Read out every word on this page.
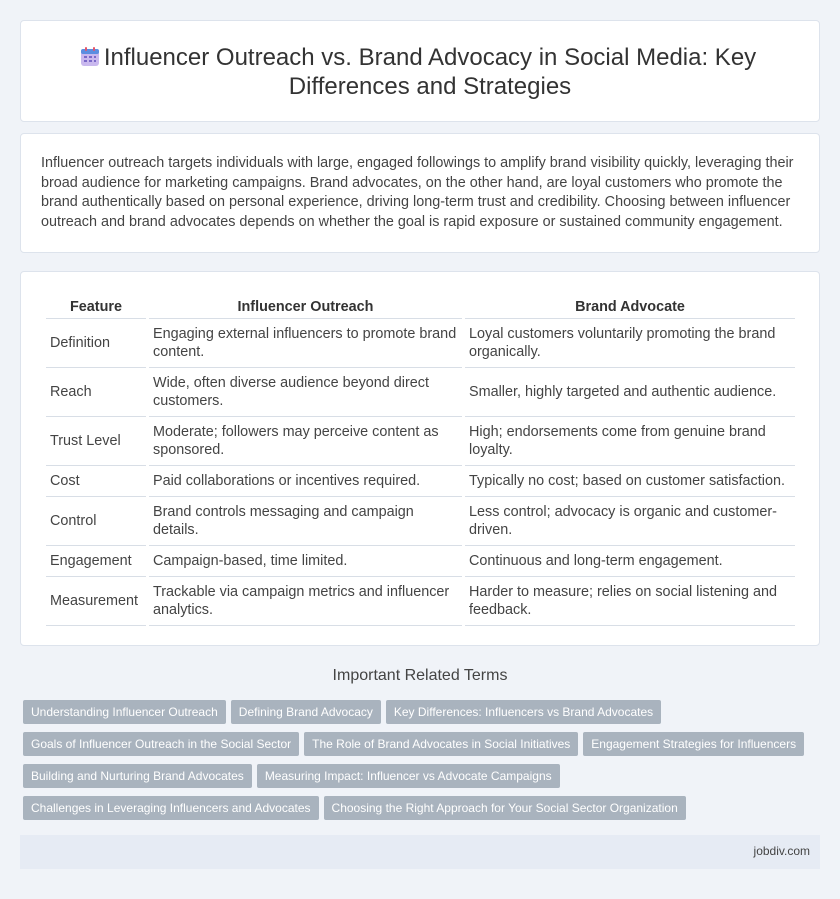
Influencer Outreach vs. Brand Advocacy in Social Media: Key Differences and Strategies

Influencer outreach targets individuals with large, engaged followings to amplify brand visibility quickly, leveraging their broad audience for marketing campaigns. Brand advocates, on the other hand, are loyal customers who promote the brand authentically based on personal experience, driving long-term trust and credibility. Choosing between influencer outreach and brand advocates depends on whether the goal is rapid exposure or sustained community engagement.

Feature	Influencer Outreach	Brand Advocate
Definition	Engaging external influencers to promote brand content.	Loyal customers voluntarily promoting the brand organically.
Reach	Wide, often diverse audience beyond direct customers.	Smaller, highly targeted and authentic audience.
Trust Level	Moderate; followers may perceive content as sponsored.	High; endorsements come from genuine brand loyalty.
Cost	Paid collaborations or incentives required.	Typically no cost; based on customer satisfaction.
Control	Brand controls messaging and campaign details.	Less control; advocacy is organic and customer-driven.
Engagement	Campaign-based, time limited.	Continuous and long-term engagement.
Measurement	Trackable via campaign metrics and influencer analytics.	Harder to measure; relies on social listening and feedback.
Important Related Terms
Understanding Influencer Outreach Defining Brand Advocacy Key Differences: Influencers vs Brand Advocates
Goals of Influencer Outreach in the Social Sector The Role of Brand Advocates in Social Initiatives Engagement Strategies for Influencers
Building and Nurturing Brand Advocates Measuring Impact: Influencer vs Advocate Campaigns
Challenges in Leveraging Influencers and Advocates Choosing the Right Approach for Your Social Sector Organization
jobdiv.com
